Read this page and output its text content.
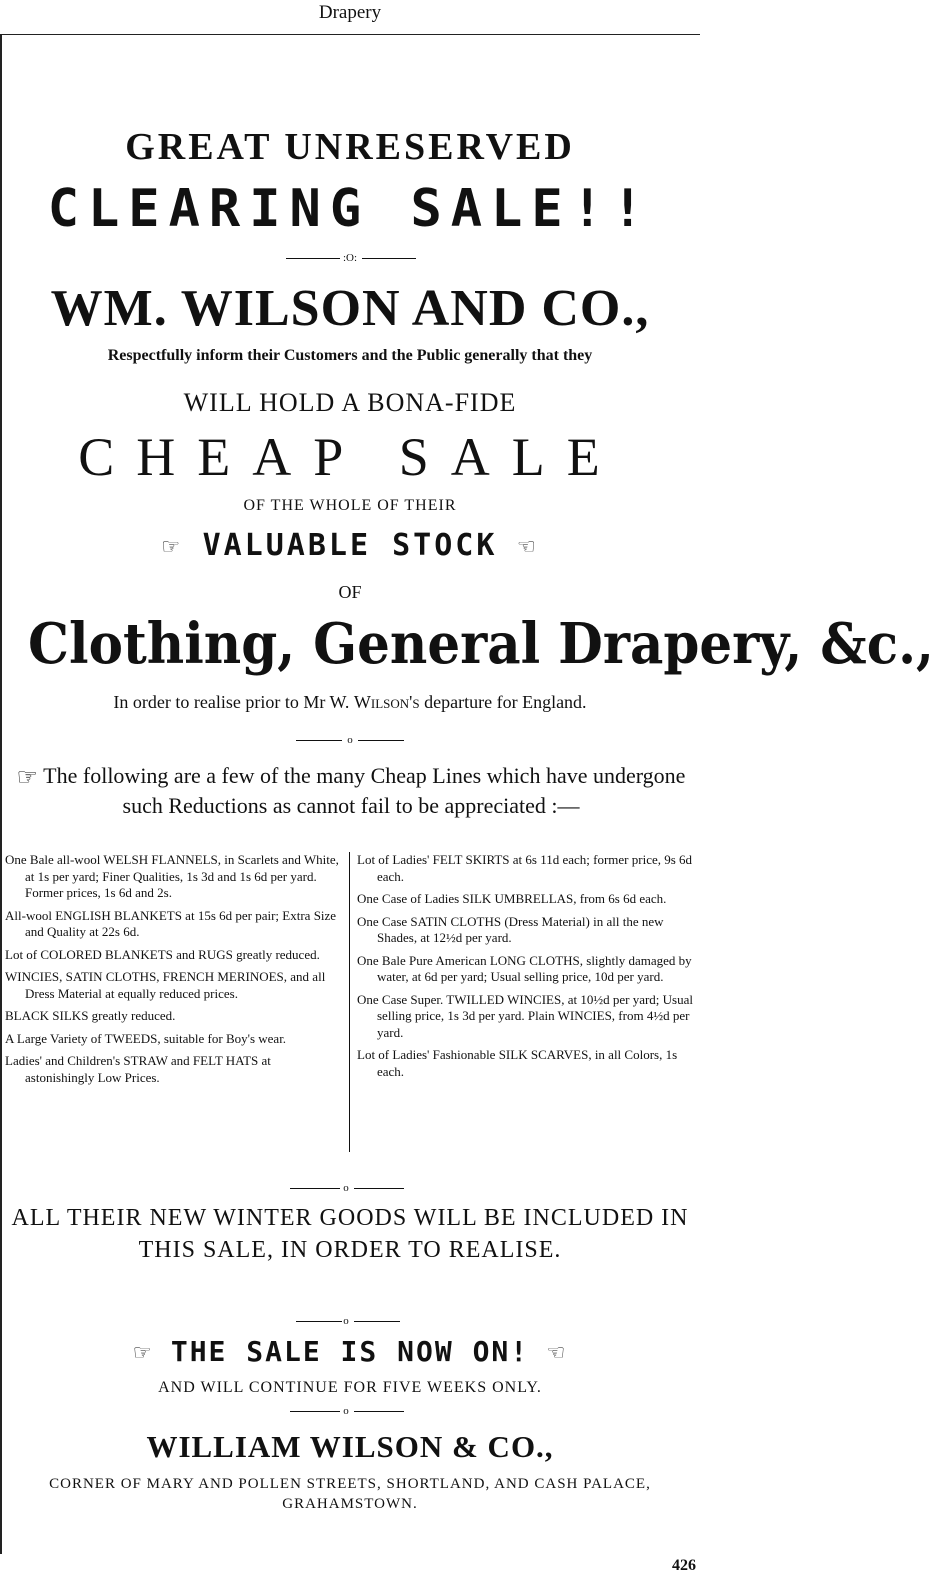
Drapery
GREAT UNRESERVED
CLEARING SALE!!
:O:
WM. WILSON AND CO.,
Respectfully inform their Customers and the Public generally that they
WILL HOLD A BONA-FIDE
CHEAP SALE
OF THE WHOLE OF THEIR
☞ VALUABLE STOCK ☜
OF
Clothing, General Drapery, &c.,
In order to realise prior to Mr W. Wilson's departure for England.
o
☞ The following are a few of the many Cheap Lines which have undergone such Reductions as cannot fail to be appreciated :—
One Bale all-wool WELSH FLANNELS, in Scarlets and White, at 1s per yard; Finer Qualities, 1s 3d and 1s 6d per yard. Former prices, 1s 6d and 2s.
All-wool ENGLISH BLANKETS at 15s 6d per pair; Extra Size and Quality at 22s 6d.
Lot of COLORED BLANKETS and RUGS greatly reduced.
WINCIES, SATIN CLOTHS, FRENCH MERINOES, and all Dress Material at equally reduced prices.
BLACK SILKS greatly reduced.
A Large Variety of TWEEDS, suitable for Boy's wear.
Ladies' and Children's STRAW and FELT HATS at astonishingly Low Prices.
Lot of Ladies' FELT SKIRTS at 6s 11d each; former price, 9s 6d each.
One Case of Ladies SILK UMBRELLAS, from 6s 6d each.
One Case SATIN CLOTHS (Dress Material) in all the new Shades, at 12½d per yard.
One Bale Pure American LONG CLOTHS, slightly damaged by water, at 6d per yard; Usual selling price, 10d per yard.
One Case Super. TWILLED WINCIES, at 10½d per yard; Usual selling price, 1s 3d per yard. Plain WINCIES, from 4½d per yard.
Lot of Ladies' Fashionable SILK SCARVES, in all Colors, 1s each.
o
ALL THEIR NEW WINTER GOODS WILL BE INCLUDED IN THIS SALE, IN ORDER TO REALISE.
o
☞ THE SALE IS NOW ON! ☜
AND WILL CONTINUE FOR FIVE WEEKS ONLY.
o
WILLIAM WILSON & CO.,
CORNER OF MARY AND POLLEN STREETS, SHORTLAND, AND CASH PALACE, GRAHAMSTOWN.
426
